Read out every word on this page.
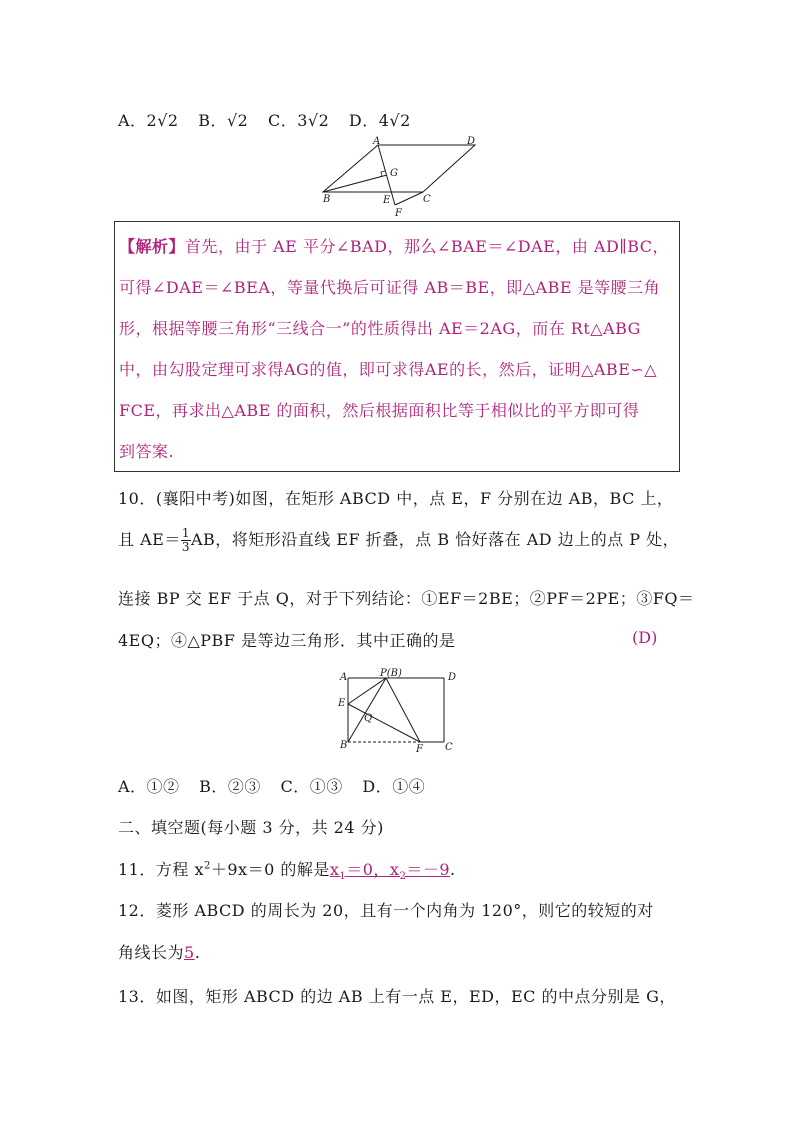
A．2√2 B．√2 C．3√2 D．4√2
A	D
G
B	E	C
F
【解析】首先，由于 AE 平分∠BAD，那么∠BAE＝∠DAE，由 AD∥BC，
可得∠DAE＝∠BEA，等量代换后可证得 AB＝BE，即△ABE 是等腰三角
形，根据等腰三角形“三线合一”的性质得出 AE＝2AG，而在 Rt△ABG
中，由勾股定理可求得AG的值，即可求得AE的长，然后，证明△ABE∽△
FCE，再求出△ABE 的面积，然后根据面积比等于相似比的平方即可得
到答案.
10．(襄阳中考)如图，在矩形 ABCD 中，点 E，F 分别在边 AB，BC 上，
且 $AE= \frac{1}{3}$ AB，将矩形沿直线 EF 折叠，点 B 恰好落在 AD 边上的点 P 处，
连接 BP 交 EF 于点 Q，对于下列结论：①EF＝2BE；②PF＝2PE；③FQ＝
4EQ；④△PBF 是等边三角形．其中正确的是	(D)
A	P(B)	D
E
Q
B	F C
A．①② B．②③ C．①③ D．①④
二、填空题(每小题 3 分，共 24 分)
11．方程 $x^2+9x=0$ 的解是$x_1=0$，$x_2=-9$.
12．菱形 ABCD 的周长为 20，且有一个内角为 120°，则它的较短的对
角线长为5.
13．如图，矩形 ABCD 的边 AB 上有一点 E，ED，EC 的中点分别是 G，
